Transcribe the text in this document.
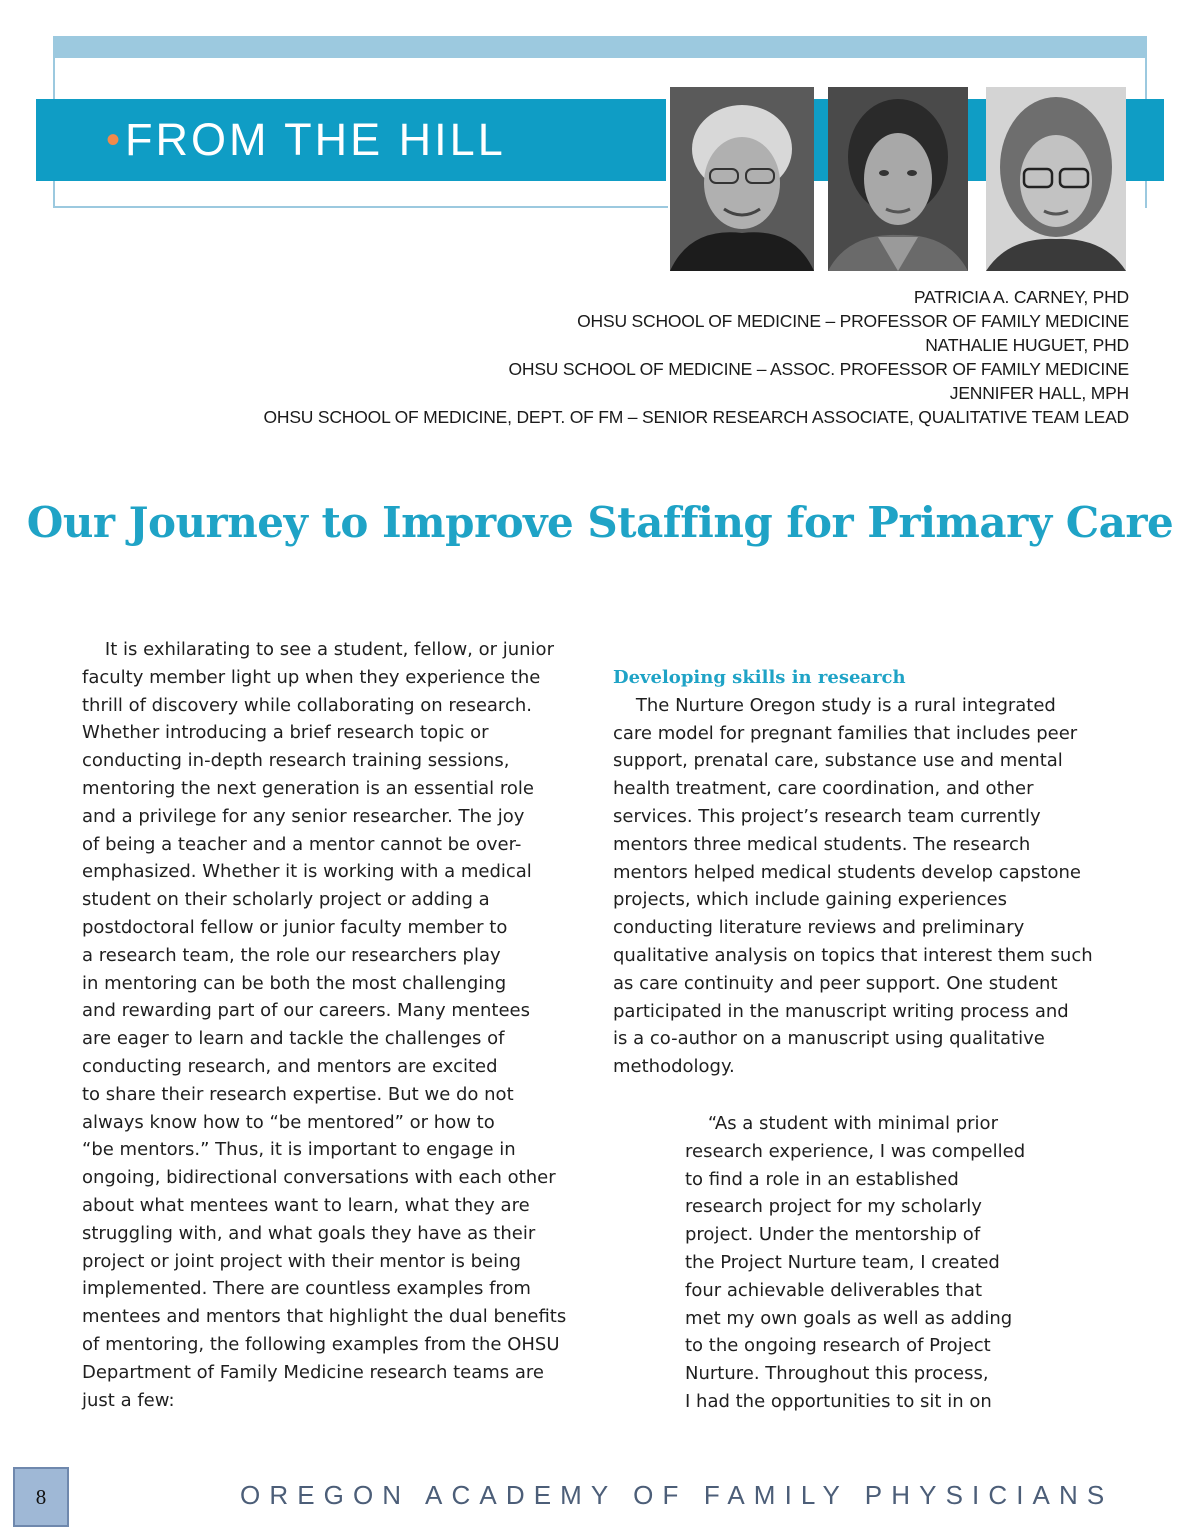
• FROM THE HILL
PATRICIA A. CARNEY, PHD
OHSU SCHOOL OF MEDICINE – PROFESSOR OF FAMILY MEDICINE
NATHALIE HUGUET, PHD
OHSU SCHOOL OF MEDICINE – ASSOC. PROFESSOR OF FAMILY MEDICINE
JENNIFER HALL, MPH
OHSU SCHOOL OF MEDICINE, DEPT. OF FM – SENIOR RESEARCH ASSOCIATE, QUALITATIVE TEAM LEAD
Our Journey to Improve Staffing for Primary Care
It is exhilarating to see a student, fellow, or junior
faculty member light up when they experience the
thrill of discovery while collaborating on research.
Whether introducing a brief research topic or
conducting in-depth research training sessions,
mentoring the next generation is an essential role
and a privilege for any senior researcher. The joy
of being a teacher and a mentor cannot be over-
emphasized. Whether it is working with a medical
student on their scholarly project or adding a
postdoctoral fellow or junior faculty member to
a research team, the role our researchers play
in mentoring can be both the most challenging
and rewarding part of our careers. Many mentees
are eager to learn and tackle the challenges of
conducting research, and mentors are excited
to share their research expertise. But we do not
always know how to “be mentored” or how to
“be mentors.” Thus, it is important to engage in
ongoing, bidirectional conversations with each other
about what mentees want to learn, what they are
struggling with, and what goals they have as their
project or joint project with their mentor is being
implemented. There are countless examples from
mentees and mentors that highlight the dual benefits
of mentoring, the following examples from the OHSU
Department of Family Medicine research teams are
just a few:
Developing skills in research
The Nurture Oregon study is a rural integrated
care model for pregnant families that includes peer
support, prenatal care, substance use and mental
health treatment, care coordination, and other
services. This project’s research team currently
mentors three medical students. The research
mentors helped medical students develop capstone
projects, which include gaining experiences
conducting literature reviews and preliminary
qualitative analysis on topics that interest them such
as care continuity and peer support. One student
participated in the manuscript writing process and
is a co-author on a manuscript using qualitative
methodology.
“As a student with minimal prior
research experience, I was compelled
to find a role in an established
research project for my scholarly
project. Under the mentorship of
the Project Nurture team, I created
four achievable deliverables that
met my own goals as well as adding
to the ongoing research of Project
Nurture. Throughout this process,
I had the opportunities to sit in on
8	OREGON ACADEMY OF FAMILY PHYSICIANS
